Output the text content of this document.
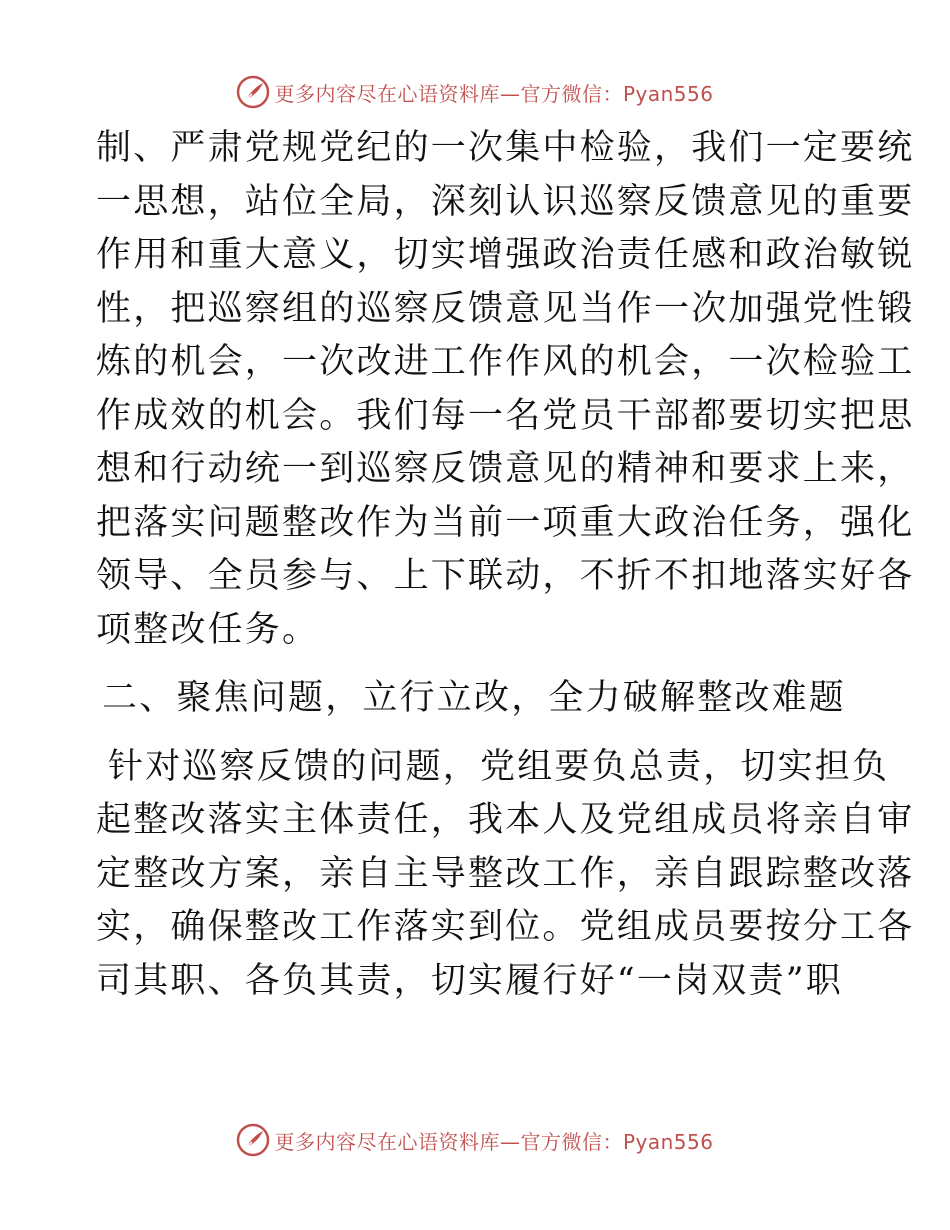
更多内容尽在心语资料库—官方微信：Pyan556
制、严肃党规党纪的一次集中检验，我们一定要统
一思想，站位全局，深刻认识巡察反馈意见的重要
作用和重大意义，切实增强政治责任感和政治敏锐
性，把巡察组的巡察反馈意见当作一次加强党性锻
炼的机会，一次改进工作作风的机会，一次检验工
作成效的机会。我们每一名党员干部都要切实把思
想和行动统一到巡察反馈意见的精神和要求上来，
把落实问题整改作为当前一项重大政治任务，强化
领导、全员参与、上下联动，不折不扣地落实好各
项整改任务。
二、聚焦问题，立行立改，全力破解整改难题
针对巡察反馈的问题，党组要负总责，切实担负
起整改落实主体责任，我本人及党组成员将亲自审
定整改方案，亲自主导整改工作，亲自跟踪整改落
实，确保整改工作落实到位。党组成员要按分工各
司其职、各负其责，切实履行好“一岗双责”职
更多内容尽在心语资料库—官方微信：Pyan556
